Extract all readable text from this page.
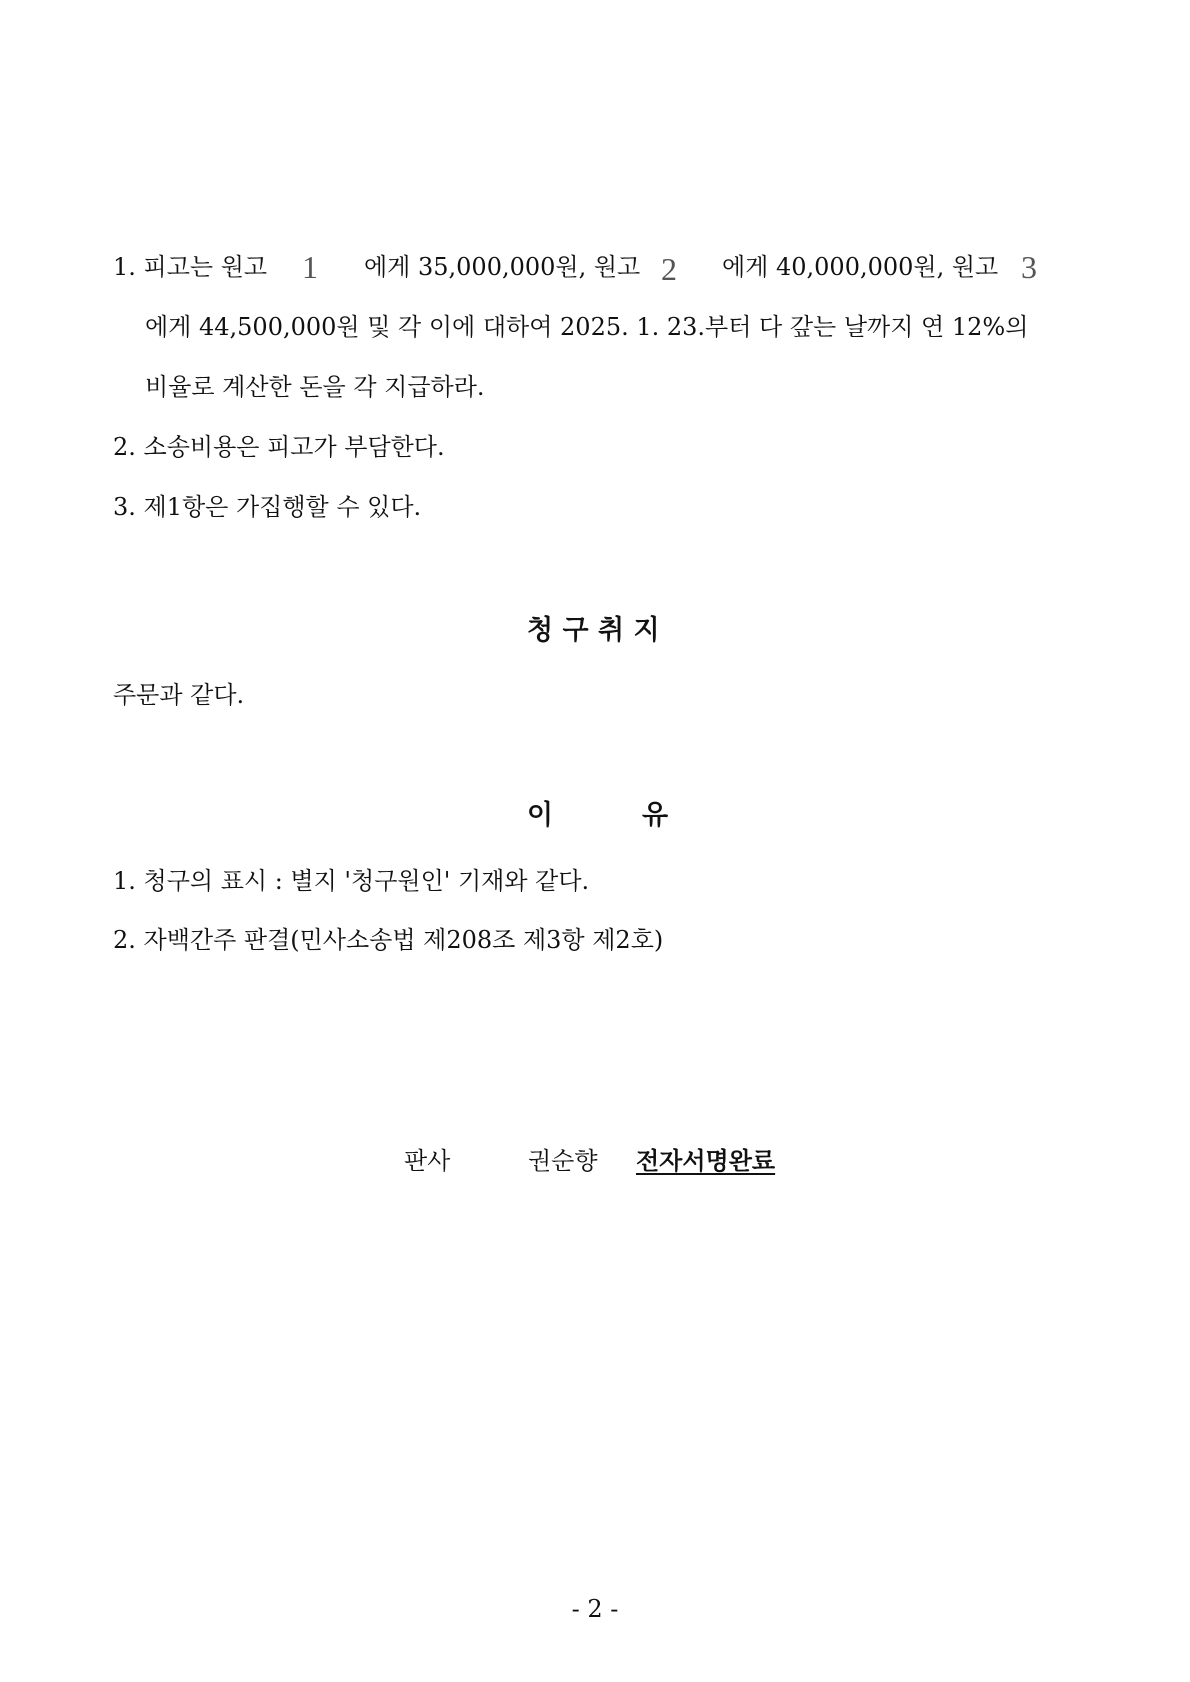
1. 피고는 원고 1 에게 35,000,000원, 원고 2 에게 40,000,000원, 원고 3
에게 44,500,000원 및 각 이에 대하여 2025. 1. 23.부터 다 갚는 날까지 연 12%의
비율로 계산한 돈을 각 지급하라.
2. 소송비용은 피고가 부담한다.
3. 제1항은 가집행할 수 있다.
청 구 취 지
주문과 같다.
이	유
1. 청구의 표시 : 별지 '청구원인' 기재와 같다.
2. 자백간주 판결(민사소송법 제208조 제3항 제2호)
판사	권순향 전자서명완료
- 2 -
